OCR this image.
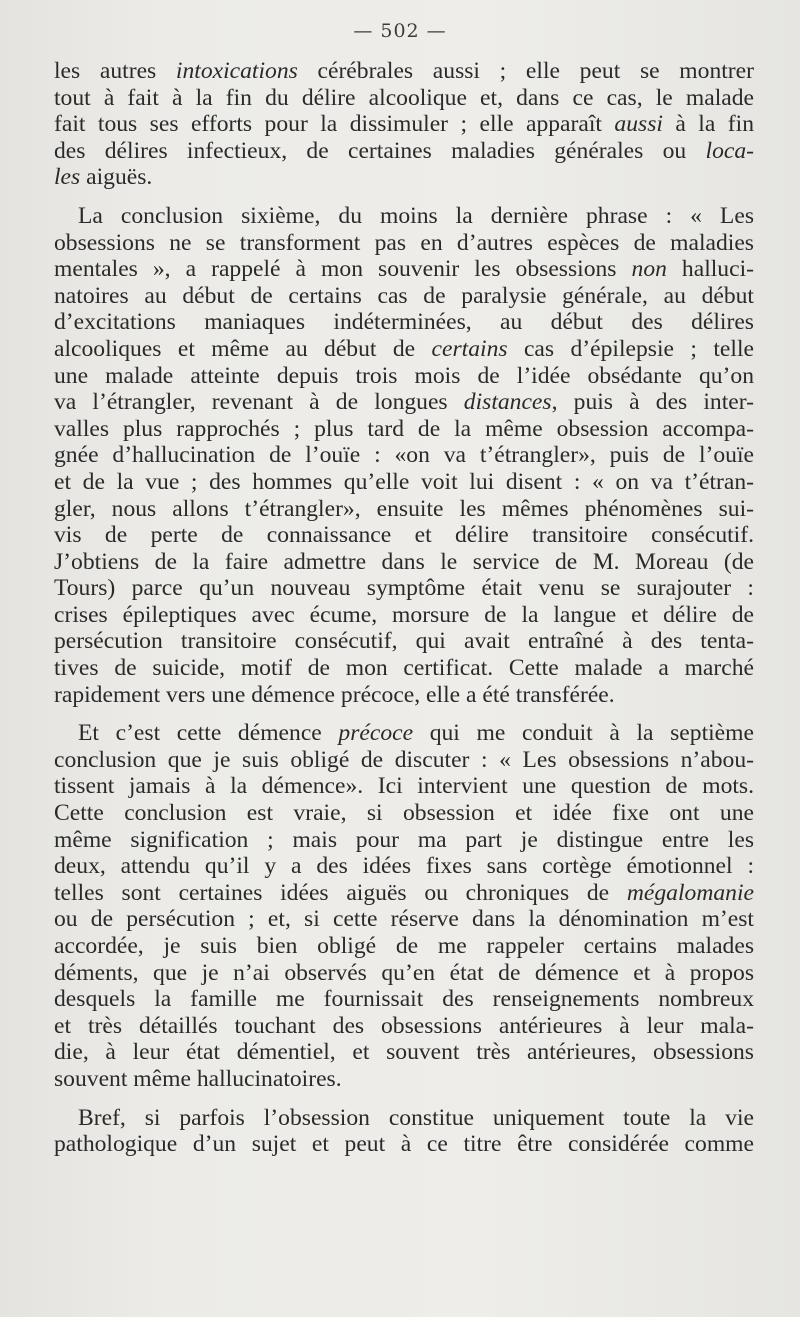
— 502 —
les autres intoxications cérébrales aussi ; elle peut se montrer
tout à fait à la fin du délire alcoolique et, dans ce cas, le malade
fait tous ses efforts pour la dissimuler ; elle apparaît aussi à la fin
des délires infectieux, de certaines maladies générales ou loca-
les aiguës.
La conclusion sixième, du moins la dernière phrase : « Les
obsessions ne se transforment pas en d’autres espèces de maladies
mentales », a rappelé à mon souvenir les obsessions non halluci-
natoires au début de certains cas de paralysie générale, au début
d’excitations maniaques indéterminées, au début des délires
alcooliques et même au début de certains cas d’épilepsie ; telle
une malade atteinte depuis trois mois de l’idée obsédante qu’on
va l’étrangler, revenant à de longues distances, puis à des inter-
valles plus rapprochés ; plus tard de la même obsession accompa-
gnée d’hallucination de l’ouïe : «on va t’étrangler», puis de l’ouïe
et de la vue ; des hommes qu’elle voit lui disent : « on va t’étran-
gler, nous allons t’étrangler», ensuite les mêmes phénomènes sui-
vis de perte de connaissance et délire transitoire consécutif.
J’obtiens de la faire admettre dans le service de M. Moreau (de
Tours) parce qu’un nouveau symptôme était venu se surajouter :
crises épileptiques avec écume, morsure de la langue et délire de
persécution transitoire consécutif, qui avait entraîné à des tenta-
tives de suicide, motif de mon certificat. Cette malade a marché
rapidement vers une démence précoce, elle a été transférée.
Et c’est cette démence précoce qui me conduit à la septième
conclusion que je suis obligé de discuter : « Les obsessions n’abou-
tissent jamais à la démence». Ici intervient une question de mots.
Cette conclusion est vraie, si obsession et idée fixe ont une
même signification ; mais pour ma part je distingue entre les
deux, attendu qu’il y a des idées fixes sans cortège émotionnel :
telles sont certaines idées aiguës ou chroniques de mégalomanie
ou de persécution ; et, si cette réserve dans la dénomination m’est
accordée, je suis bien obligé de me rappeler certains malades
déments, que je n’ai observés qu’en état de démence et à propos
desquels la famille me fournissait des renseignements nombreux
et très détaillés touchant des obsessions antérieures à leur mala-
die, à leur état démentiel, et souvent très antérieures, obsessions
souvent même hallucinatoires.
Bref, si parfois l’obsession constitue uniquement toute la vie
pathologique d’un sujet et peut à ce titre être considérée comme
